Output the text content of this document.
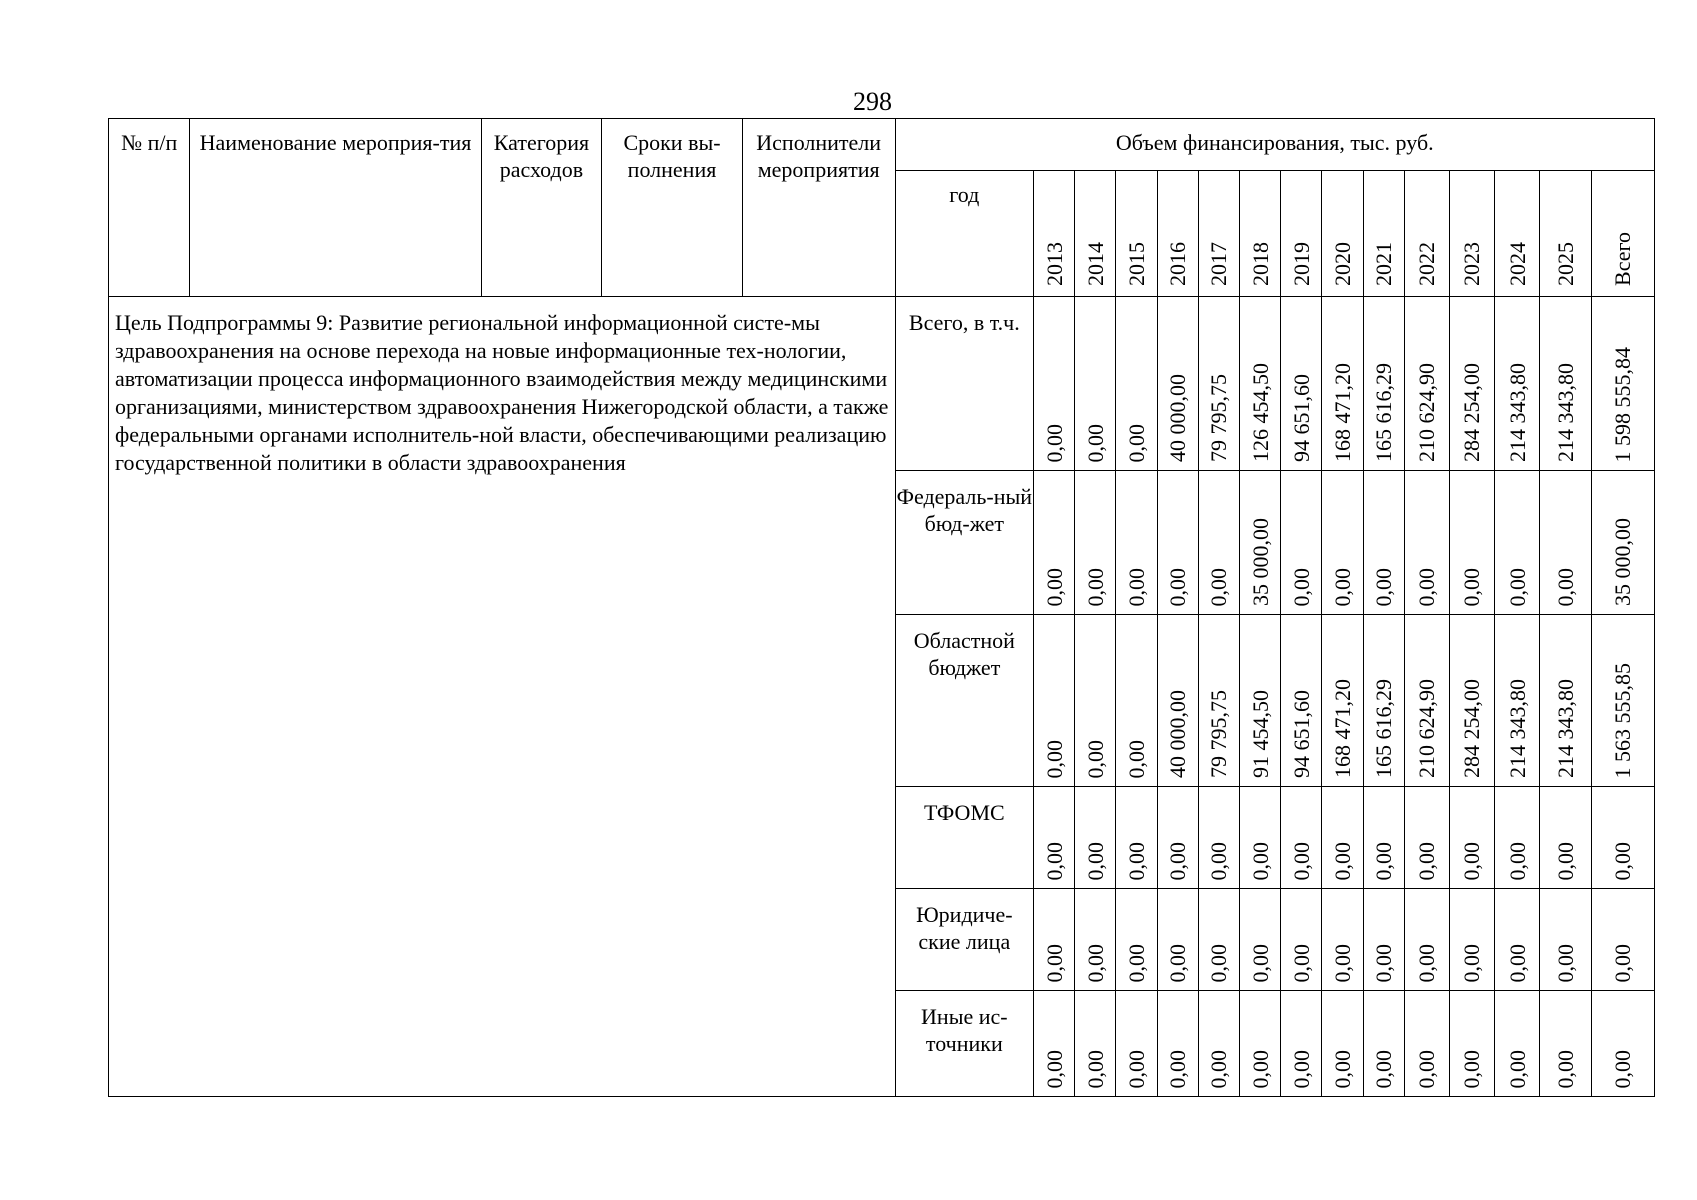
298
№ п/п	Наименование мероприя-тия	Категория расходов	Сроки вы-полнения	Исполнители мероприятия	Объем финансирования, тыс. руб.														
					год	2013	2014	2015	2016	2017	2018	2019	2020	2021	2022	2023	2024	2025	Всего

Цель Подпрограммы 9: Развитие региональной информационной систе-мы здравоохранения на основе перехода на новые информационные тех-нологии, автоматизации процесса информационного взаимодействия между медицинскими организациями, министерством здравоохранения Нижегородской области, а также федеральными органами исполнитель-ной власти, обеспечивающими реализацию государственной политики в области здравоохранения					Всего, в т.ч.	0,00	0,00	0,00	40 000,00	79 795,75	126 454,50	94 651,60	168 471,20	165 616,29	210 624,90	284 254,00	214 343,80	214 343,80	1 598 555,84

					Федераль-ный бюд-жет	0,00	0,00	0,00	0,00	0,00	35 000,00	0,00	0,00	0,00	0,00	0,00	0,00	0,00	35 000,00

					Областной бюджет	0,00	0,00	0,00	40 000,00	79 795,75	91 454,50	94 651,60	168 471,20	165 616,29	210 624,90	284 254,00	214 343,80	214 343,80	1 563 555,85

					ТФОМС	0,00	0,00	0,00	0,00	0,00	0,00	0,00	0,00	0,00	0,00	0,00	0,00	0,00	0,00

					Юридиче-ские лица	0,00	0,00	0,00	0,00	0,00	0,00	0,00	0,00	0,00	0,00	0,00	0,00	0,00	0,00

					Иные ис-точники	0,00	0,00	0,00	0,00	0,00	0,00	0,00	0,00	0,00	0,00	0,00	0,00	0,00	0,00
